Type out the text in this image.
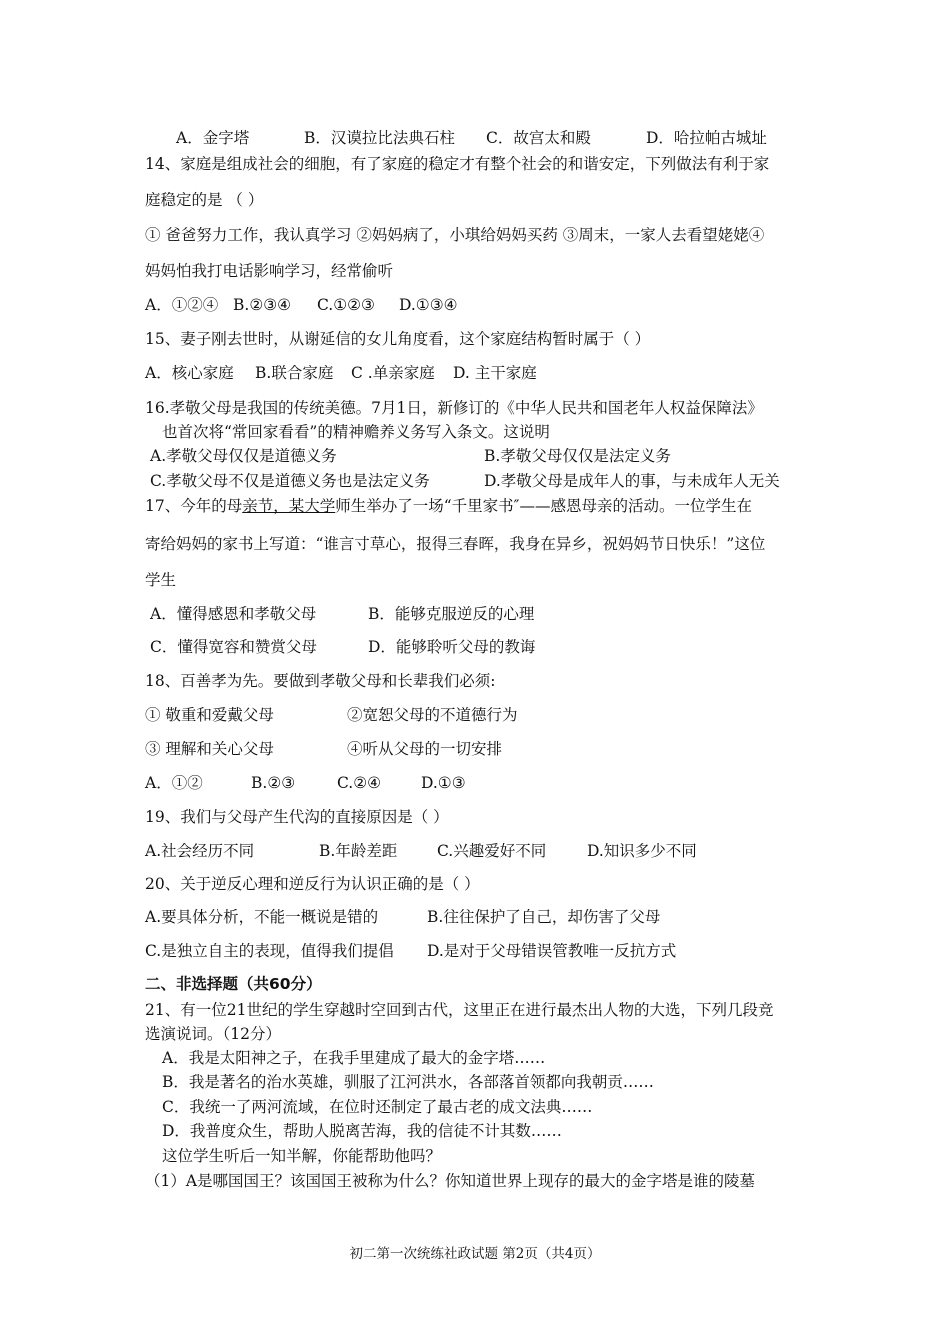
A．金字塔	B．汉谟拉比法典石柱 C．故宫太和殿	D．哈拉帕古城址
14、家庭是组成社会的细胞，有了家庭的稳定才有整个社会的和谐安定，下列做法有利于家
庭稳定的是 （ ）
① 爸爸努力工作，我认真学习 ②妈妈病了，小琪给妈妈买药 ③周末，一家人去看望姥姥④
妈妈怕我打电话影响学习，经常偷听
A．①②④ B.②③④ C.①②③ D.①③④
15、妻子刚去世时，从谢延信的女儿角度看，这个家庭结构暂时属于（ ）
A．核心家庭 B.联合家庭 C .单亲家庭 D. 主干家庭
16.孝敬父母是我国的传统美德。7月1日，新修订的《中华人民共和国老年人权益保障法》
也首次将“常回家看看”的精神赡养义务写入条文。这说明
A.孝敬父母仅仅是道德义务	B.孝敬父母仅仅是法定义务
C.孝敬父母不仅是道德义务也是法定义务	D.孝敬父母是成年人的事，与未成年人无关
17、今年的母亲节，某大学师生举办了一场“千里家书″——感恩母亲的活动。一位学生在
寄给妈妈的家书上写道：“谁言寸草心，报得三春晖，我身在异乡，祝妈妈节日快乐！”这位
学生
A．懂得感恩和孝敬父母	B．能够克服逆反的心理
C．懂得宽容和赞赏父母	D．能够聆听父母的教诲
18、百善孝为先。要做到孝敬父母和长辈我们必须:
① 敬重和爱戴父母	②宽恕父母的不道德行为
③ 理解和关心父母	④听从父母的一切安排
A．①②	B.②③	C.②④	D.①③
19、我们与父母产生代沟的直接原因是（ ）
A.社会经历不同	B.年龄差距	C.兴趣爱好不同	D.知识多少不同
20、关于逆反心理和逆反行为认识正确的是（ ）
A.要具体分析，不能一概说是错的	B.往往保护了自己，却伤害了父母
C.是独立自主的表现，值得我们提倡 D.是对于父母错误管教唯一反抗方式
二、非选择题（共60分）
21、有一位21世纪的学生穿越时空回到古代，这里正在进行最杰出人物的大选，下列几段竞
选演说词。（12分）
A．我是太阳神之子，在我手里建成了最大的金字塔……
B．我是著名的治水英雄，驯服了江河洪水，各部落首领都向我朝贡……
C．我统一了两河流域，在位时还制定了最古老的成文法典……
D．我普度众生，帮助人脱离苦海，我的信徒不计其数……
这位学生听后一知半解，你能帮助他吗？
（1）A是哪国国王？该国国王被称为什么？你知道世界上现存的最大的金字塔是谁的陵墓
初二第一次统练社政试题 第2页（共4页）
